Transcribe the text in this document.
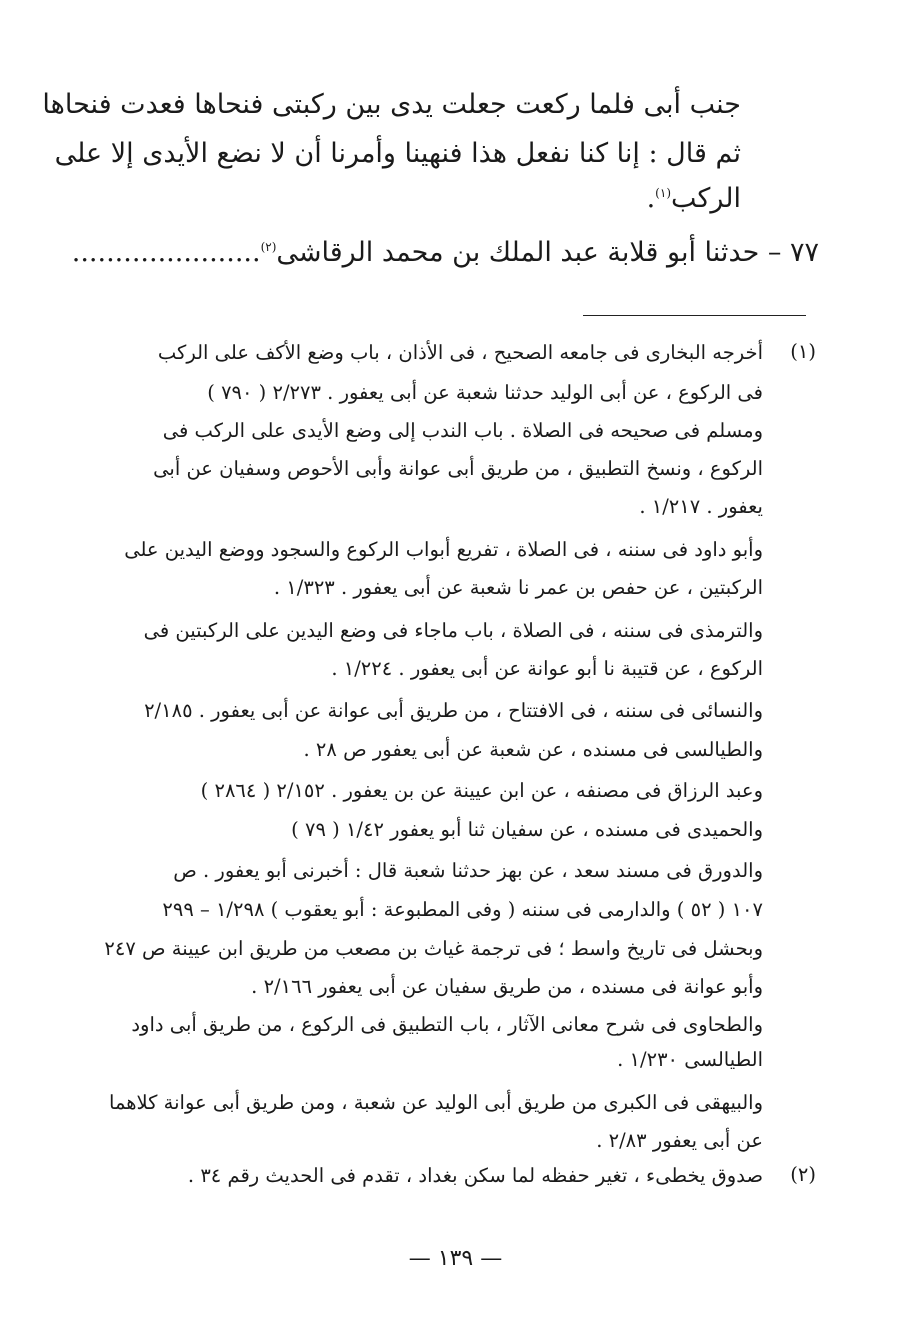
جنب أبى فلما ركعت جعلت يدى بين ركبتى فنحاها فعدت فنحاها
ثم قال : إنا كنا نفعل هذا فنهينا وأمرنا أن لا نضع الأيدى إلا على
الركب$^{(١)}$.
٧٧ – حدثنا أبو قلابة عبد الملك بن محمد الرقاشى$^{(٢)}$......................
(١)
أخرجه البخارى فى جامعه الصحيح ، فى الأذان ، باب وضع الأكف على الركب
فى الركوع ، عن أبى الوليد حدثنا شعبة عن أبى يعفور . ٢/٢٧٣ ( ٧٩٠ )
ومسلم فى صحيحه فى الصلاة . باب الندب إلى وضع الأيدى على الركب فى
الركوع ، ونسخ التطبيق ، من طريق أبى عوانة وأبى الأحوص وسفيان عن أبى
يعفور . ١/٢١٧ .
وأبو داود فى سننه ، فى الصلاة ، تفريع أبواب الركوع والسجود ووضع اليدين على
الركبتين ، عن حفص بن عمر نا شعبة عن أبى يعفور . ١/٣٢٣ .
والترمذى فى سننه ، فى الصلاة ، باب ماجاء فى وضع اليدين على الركبتين فى
الركوع ، عن قتيبة نا أبو عوانة عن أبى يعفور . ١/٢٢٤ .
والنسائى فى سننه ، فى الافتتاح ، من طريق أبى عوانة عن أبى يعفور . ٢/١٨٥
والطيالسى فى مسنده ، عن شعبة عن أبى يعفور ص ٢٨ .
وعبد الرزاق فى مصنفه ، عن ابن عيينة عن بن يعفور . ٢/١٥٢ ( ٢٨٦٤ )
والحميدى فى مسنده ، عن سفيان ثنا أبو يعفور ١/٤٢ ( ٧٩ )
والدورق فى مسند سعد ، عن بهز حدثنا شعبة قال : أخبرنى أبو يعفور . ص
١٠٧ ( ٥٢ ) والدارمى فى سننه ( وفى المطبوعة : أبو يعقوب ) ١/٢٩٨ – ٢٩٩
وبحشل فى تاريخ واسط ؛ فى ترجمة غياث بن مصعب من طريق ابن عيينة ص ٢٤٧
وأبو عوانة فى مسنده ، من طريق سفيان عن أبى يعفور ٢/١٦٦ .
والطحاوى فى شرح معانى الآثار ، باب التطبيق فى الركوع ، من طريق أبى داود
الطيالسى ١/٢٣٠ .
والبيهقى فى الكبرى من طريق أبى الوليد عن شعبة ، ومن طريق أبى عوانة كلاهما
عن أبى يعفور ٢/٨٣ .
(٢)
صدوق يخطىء ، تغير حفظه لما سكن بغداد ، تقدم فى الحديث رقم ٣٤ .
— ١٣٩ —
